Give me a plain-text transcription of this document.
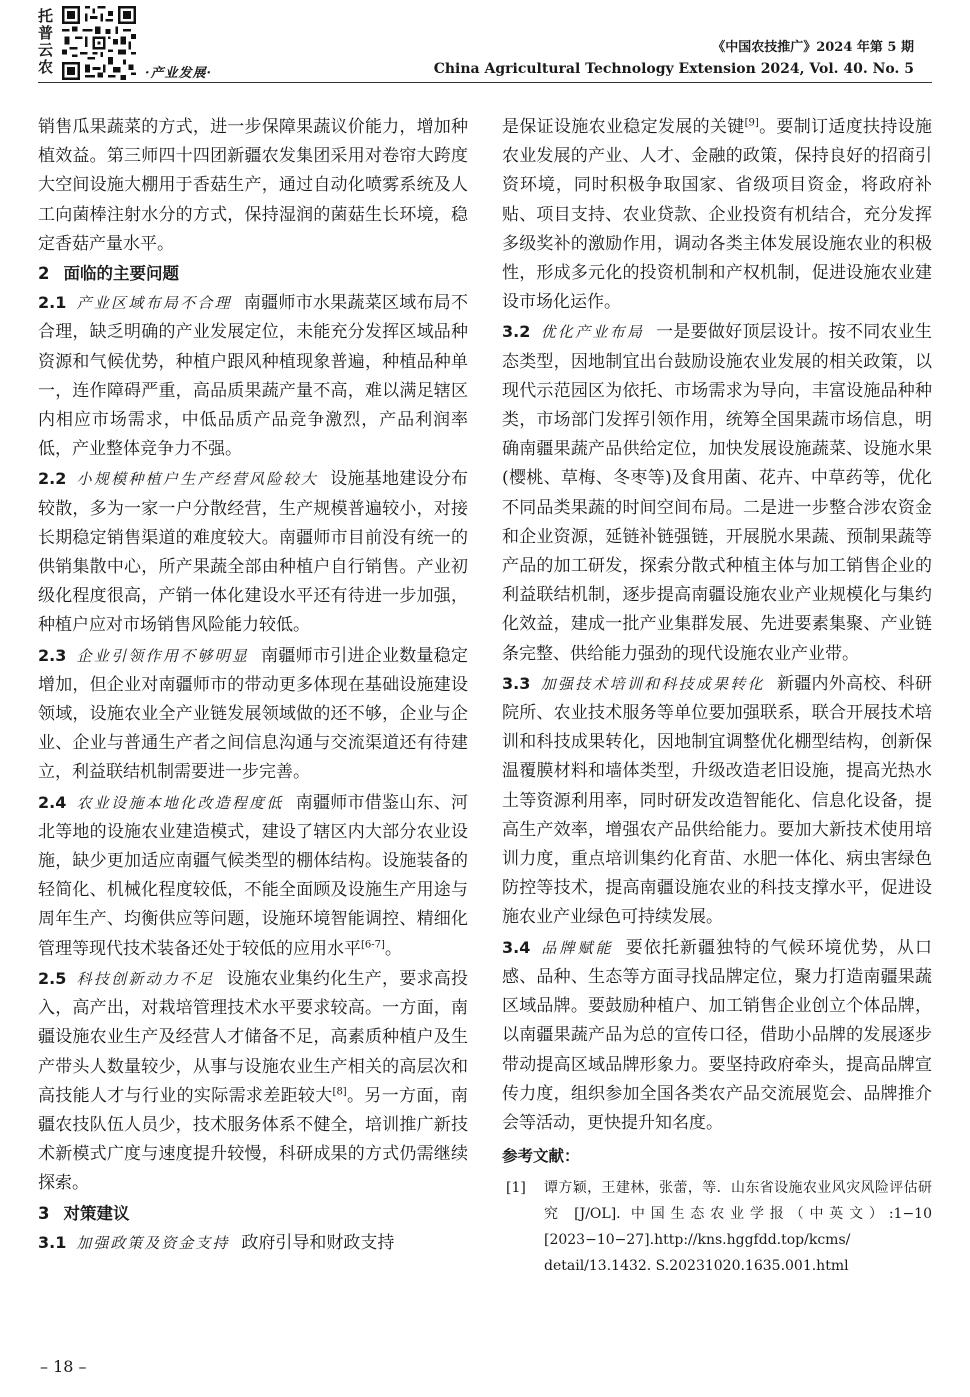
托
普
云
农	·产业发展·
《中国农技推广》2024 年第 5 期
China Agricultural Technology Extension 2024, Vol. 40. No. 5

销售瓜果蔬菜的方式，进一步保障果蔬议价能力，增加种植效益。第三师四十四团新疆农发集团采用对卷帘大跨度大空间设施大棚用于香菇生产，通过自动化喷雾系统及人工向菌棒注射水分的方式，保持湿润的菌菇生长环境，稳定香菇产量水平。

2 面临的主要问题

2.1 产业区域布局不合理 南疆师市水果蔬菜区域布局不合理，缺乏明确的产业发展定位，未能充分发挥区域品种资源和气候优势，种植户跟风种植现象普遍，种植品种单一，连作障碍严重，高品质果蔬产量不高，难以满足辖区内相应市场需求，中低品质产品竞争激烈，产品利润率低，产业整体竞争力不强。

2.2 小规模种植户生产经营风险较大 设施基地建设分布较散，多为一家一户分散经营，生产规模普遍较小，对接长期稳定销售渠道的难度较大。南疆师市目前没有统一的供销集散中心，所产果蔬全部由种植户自行销售。产业初级化程度很高，产销一体化建设水平还有待进一步加强，种植户应对市场销售风险能力较低。

2.3 企业引领作用不够明显 南疆师市引进企业数量稳定增加，但企业对南疆师市的带动更多体现在基础设施建设领域，设施农业全产业链发展领域做的还不够，企业与企业、企业与普通生产者之间信息沟通与交流渠道还有待建立，利益联结机制需要进一步完善。

2.4 农业设施本地化改造程度低 南疆师市借鉴山东、河北等地的设施农业建造模式，建设了辖区内大部分农业设施，缺少更加适应南疆气候类型的棚体结构。设施装备的轻简化、机械化程度较低，不能全面顾及设施生产用途与周年生产、均衡供应等问题，设施环境智能调控、精细化管理等现代技术装备还处于较低的应用水平[6-7]。

2.5 科技创新动力不足 设施农业集约化生产，要求高投入，高产出，对栽培管理技术水平要求较高。一方面，南疆设施农业生产及经营人才储备不足，高素质种植户及生产带头人数量较少，从事与设施农业生产相关的高层次和高技能人才与行业的实际需求差距较大[8]。另一方面，南疆农技队伍人员少，技术服务体系不健全，培训推广新技术新模式广度与速度提升较慢，科研成果的方式仍需继续探索。

3 对策建议

3.1 加强政策及资金支持 政府引导和财政支持

是保证设施农业稳定发展的关键[9]。要制订适度扶持设施农业发展的产业、人才、金融的政策，保持良好的招商引资环境，同时积极争取国家、省级项目资金，将政府补贴、项目支持、农业贷款、企业投资有机结合，充分发挥多级奖补的激励作用，调动各类主体发展设施农业的积极性，形成多元化的投资机制和产权机制，促进设施农业建设市场化运作。

3.2 优化产业布局 一是要做好顶层设计。按不同农业生态类型，因地制宜出台鼓励设施农业发展的相关政策，以现代示范园区为依托、市场需求为导向，丰富设施品种种类，市场部门发挥引领作用，统筹全国果蔬市场信息，明确南疆果蔬产品供给定位，加快发展设施蔬菜、设施水果(樱桃、草梅、冬枣等)及食用菌、花卉、中草药等，优化不同品类果蔬的时间空间布局。二是进一步整合涉农资金和企业资源，延链补链强链，开展脱水果蔬、预制果蔬等产品的加工研发，探索分散式种植主体与加工销售企业的利益联结机制，逐步提高南疆设施农业产业规模化与集约化效益，建成一批产业集群发展、先进要素集聚、产业链条完整、供给能力强劲的现代设施农业产业带。

3.3 加强技术培训和科技成果转化 新疆内外高校、科研院所、农业技术服务等单位要加强联系，联合开展技术培训和科技成果转化，因地制宜调整优化棚型结构，创新保温覆膜材料和墙体类型，升级改造老旧设施，提高光热水土等资源利用率，同时研发改造智能化、信息化设备，提高生产效率，增强农产品供给能力。要加大新技术使用培训力度，重点培训集约化育苗、水肥一体化、病虫害绿色防控等技术，提高南疆设施农业的科技支撑水平，促进设施农业产业绿色可持续发展。

3.4 品牌赋能 要依托新疆独特的气候环境优势，从口感、品种、生态等方面寻找品牌定位，聚力打造南疆果蔬区域品牌。要鼓励种植户、加工销售企业创立个体品牌，以南疆果蔬产品为总的宣传口径，借助小品牌的发展逐步带动提高区域品牌形象力。要坚持政府牵头，提高品牌宣传力度，组织参加全国各类农产品交流展览会、品牌推介会等活动，更快提升知名度。

参考文献：

[1] 谭方颖，王建林，张蕾，等．山东省设施农业风灾风险评估研究 [J/OL]. 中国生态农业学报（中英文）:1−10 [2023−10−27].http://kns.hggfdd.top/kcms/ detail/13.1432. S.20231020.1635.001.html

– 18 –
